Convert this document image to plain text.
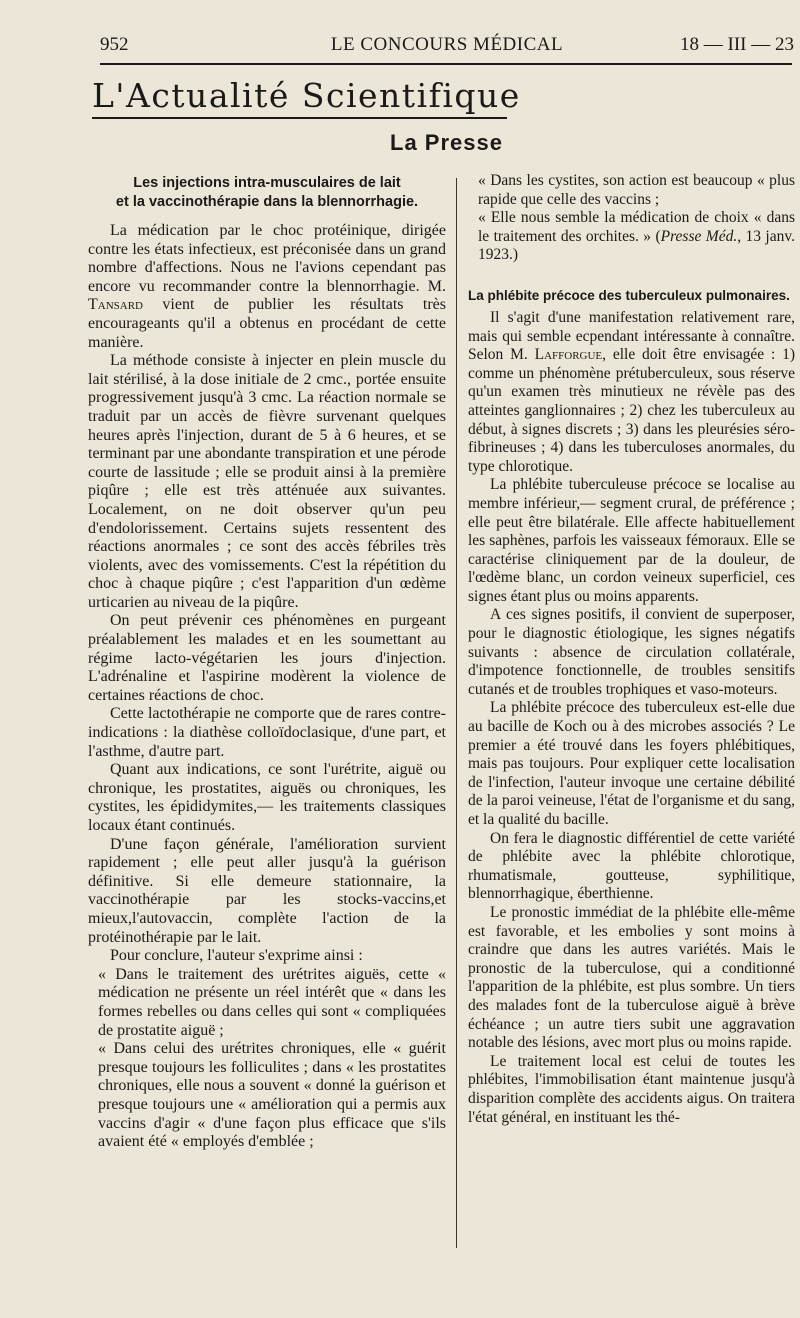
952	LE CONCOURS MÉDICAL	18 — III — 23
L'Actualité Scientifique
La Presse
Les injections intra-musculaires de lait
et la vaccinothérapie dans la blennorrhagie.

La médication par le choc protéinique, dirigée contre les états infectieux, est préconisée dans un grand nombre d'affections. Nous ne l'avions cependant pas encore vu recommander contre la blennorrhagie. M. Tansard vient de publier les résultats très encourageants qu'il a obtenus en procédant de cette manière.

La méthode consiste à injecter en plein muscle du lait stérilisé, à la dose initiale de 2 cmc., portée ensuite progressivement jusqu'à 3 cmc. La réaction normale se traduit par un accès de fièvre survenant quelques heures après l'injection, durant de 5 à 6 heures, et se terminant par une abondante transpiration et une pérode courte de lassitude ; elle se produit ainsi à la première piqûre ; elle est très atténuée aux suivantes. Localement, on ne doit observer qu'un peu d'endolorissement. Certains sujets ressentent des réactions anormales ; ce sont des accès fébriles très violents, avec des vomissements. C'est la répétition du choc à chaque piqûre ; c'est l'apparition d'un œdème urticarien au niveau de la piqûre.

On peut prévenir ces phénomènes en purgeant préalablement les malades et en les soumettant au régime lacto-végétarien les jours d'injection. L'adrénaline et l'aspirine modèrent la violence de certaines réactions de choc.

Cette lactothérapie ne comporte que de rares contre-indications : la diathèse colloïdoclasique, d'une part, et l'asthme, d'autre part.

Quant aux indications, ce sont l'urétrite, aiguë ou chronique, les prostatites, aiguës ou chroniques, les cystites, les épididymites,— les traitements classiques locaux étant continués.

D'une façon générale, l'amélioration survient rapidement ; elle peut aller jusqu'à la guérison définitive. Si elle demeure stationnaire, la vaccinothérapie par les stocks-vaccins,et mieux,l'autovaccin, complète l'action de la protéinothérapie par le lait.

Pour conclure, l'auteur s'exprime ainsi :

« Dans le traitement des urétrites aiguës, cette « médication ne présente un réel intérêt que « dans les formes rebelles ou dans celles qui sont « compliquées de prostatite aiguë ;

« Dans celui des urétrites chroniques, elle « guérit presque toujours les folliculites ; dans « les prostatites chroniques, elle nous a souvent « donné la guérison et presque toujours une « amélioration qui a permis aux vaccins d'agir « d'une façon plus efficace que s'ils avaient été « employés d'emblée ;

« Dans les cystites, son action est beaucoup « plus rapide que celle des vaccins ;

« Elle nous semble la médication de choix « dans le traitement des orchites. » (Presse Méd., 13 janv. 1923.)

La phlébite précoce des tuberculeux pulmonaires.

Il s'agit d'une manifestation relativement rare, mais qui semble ecpendant intéressante à connaître. Selon M. Lafforgue, elle doit être envisagée : 1) comme un phénomène prétuberculeux, sous réserve qu'un examen très minutieux ne révèle pas des atteintes ganglionnaires ; 2) chez les tuberculeux au début, à signes discrets ; 3) dans les pleurésies séro-fibrineuses ; 4) dans les tuberculoses anormales, du type chlorotique.

La phlébite tuberculeuse précoce se localise au membre inférieur,— segment crural, de préférence ; elle peut être bilatérale. Elle affecte habituellement les saphènes, parfois les vaisseaux fémoraux. Elle se caractérise cliniquement par de la douleur, de l'œdème blanc, un cordon veineux superficiel, ces signes étant plus ou moins apparents.

A ces signes positifs, il convient de superposer, pour le diagnostic étiologique, les signes négatifs suivants : absence de circulation collatérale, d'impotence fonctionnelle, de troubles sensitifs cutanés et de troubles trophiques et vaso-moteurs.

La phlébite précoce des tuberculeux est-elle due au bacille de Koch ou à des microbes associés ? Le premier a été trouvé dans les foyers phlébitiques, mais pas toujours. Pour expliquer cette localisation de l'infection, l'auteur invoque une certaine débilité de la paroi veineuse, l'état de l'organisme et du sang, et la qualité du bacille.

On fera le diagnostic différentiel de cette variété de phlébite avec la phlébite chlorotique, rhumatismale, goutteuse, syphilitique, blennorrhagique, éberthienne.

Le pronostic immédiat de la phlébite elle-même est favorable, et les embolies y sont moins à craindre que dans les autres variétés. Mais le pronostic de la tuberculose, qui a conditionné l'apparition de la phlébite, est plus sombre. Un tiers des malades font de la tuberculose aiguë à brève échéance ; un autre tiers subit une aggravation notable des lésions, avec mort plus ou moins rapide.

Le traitement local est celui de toutes les phlébites, l'immobilisation étant maintenue jusqu'à disparition complète des accidents aigus. On traitera l'état général, en instituant les thé-
